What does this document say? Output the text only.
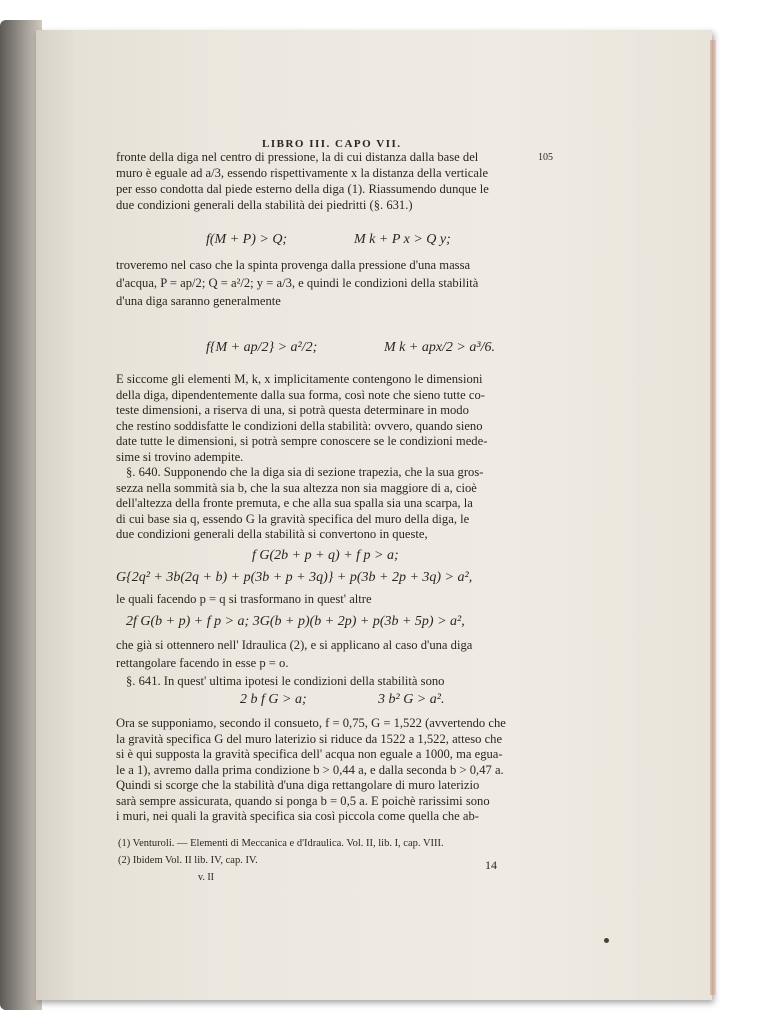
LIBRO III. CAPO VII.
105
fronte della diga nel centro di pressione, la di cui distanza dalla base del
muro è eguale ad a/3, essendo rispettivamente x la distanza della verticale
per esso condotta dal piede esterno della diga (1). Riassumendo dunque le
due condizioni generali della stabilità dei piedritti (§. 631.)
f(M + P) > Q;	M k + P x > Q y;
troveremo nel caso che la spinta provenga dalla pressione d'una massa
d'acqua, P = ap/2; Q = a²/2; y = a/3, e quindi le condizioni della stabilità
d'una diga saranno generalmente
f{M + ap/2} > a²/2;	M k + apx/2 > a³/6.
E siccome gli elementi M, k, x implicitamente contengono le dimensioni
della diga, dipendentemente dalla sua forma, così note che sieno tutte co-
teste dimensioni, a riserva di una, si potrà questa determinare in modo
che restino soddisfatte le condizioni della stabilità: ovvero, quando sieno
date tutte le dimensioni, si potrà sempre conoscere se le condizioni mede-
sime si trovino adempite.
§. 640. Supponendo che la diga sia di sezione trapezia, che la sua gros-
sezza nella sommità sia b, che la sua altezza non sia maggiore di a, cioè
dell'altezza della fronte premuta, e che alla sua spalla sia una scarpa, la
di cui base sia q, essendo G la gravità specifica del muro della diga, le
due condizioni generali della stabilità si convertono in queste,
f G(2b + p + q) + f p > a;
G{2q² + 3b(2q + b) + p(3b + p + 3q)} + p(3b + 2p + 3q) > a²,
le quali facendo p = q si trasformano in quest' altre
2f G(b + p) + f p > a; 3G(b + p)(b + 2p) + p(3b + 5p) > a²,
che già si ottennero nell' Idraulica (2), e si applicano al caso d'una diga
rettangolare facendo in esse p = o.
§. 641. In quest' ultima ipotesi le condizioni della stabilità sono
2 b f G > a;	3 b² G > a².
Ora se supponiamo, secondo il consueto, f = 0,75, G = 1,522 (avvertendo che
la gravità specifica G del muro laterizio si riduce da 1522 a 1,522, atteso che
si è qui supposta la gravità specifica dell' acqua non eguale a 1000, ma egua-
le a 1), avremo dalla prima condizione b > 0,44 a, e dalla seconda b > 0,47 a.
Quindi si scorge che la stabilità d'una diga rettangolare di muro laterizio
sarà sempre assicurata, quando si ponga b = 0,5 a. E poichè rarissimi sono
i muri, nei quali la gravità specifica sia così piccola come quella che ab-
(1) Venturoli. — Elementi di Meccanica e d'Idraulica. Vol. II, lib. I, cap. VIII.
(2) Ibidem Vol. II lib. IV, cap. IV.
v. II
14
